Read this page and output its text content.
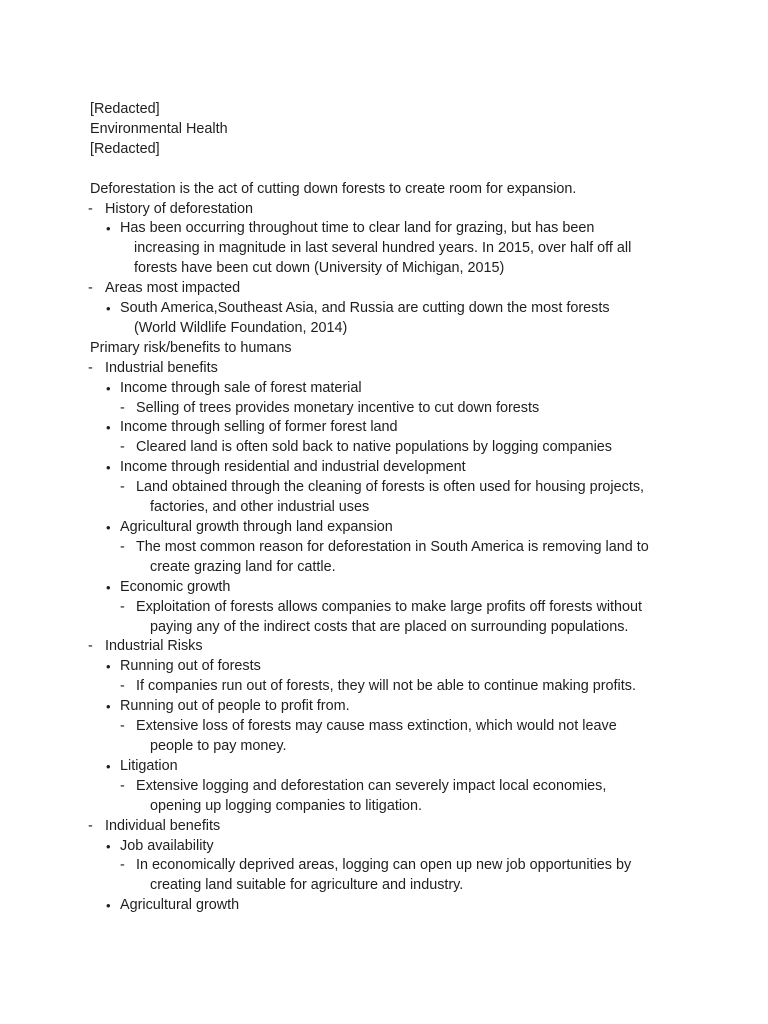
[Redacted]
Environmental Health
[Redacted]
Deforestation is the act of cutting down forests to create room for expansion.
- History of deforestation
• Has been occurring throughout time to clear land for grazing, but has been
increasing in magnitude in last several hundred years. In 2015, over half off all
forests have been cut down (University of Michigan, 2015)
- Areas most impacted
• South America,Southeast Asia, and Russia are cutting down the most forests
(World Wildlife Foundation, 2014)
Primary risk/benefits to humans
- Industrial benefits
• Income through sale of forest material
- Selling of trees provides monetary incentive to cut down forests
• Income through selling of former forest land
- Cleared land is often sold back to native populations by logging companies
• Income through residential and industrial development
- Land obtained through the cleaning of forests is often used for housing projects,
factories, and other industrial uses
• Agricultural growth through land expansion
- The most common reason for deforestation in South America is removing land to
create grazing land for cattle.
• Economic growth
- Exploitation of forests allows companies to make large profits off forests without
paying any of the indirect costs that are placed on surrounding populations.
- Industrial Risks
• Running out of forests
- If companies run out of forests, they will not be able to continue making profits.
• Running out of people to profit from.
- Extensive loss of forests may cause mass extinction, which would not leave
people to pay money.
• Litigation
- Extensive logging and deforestation can severely impact local economies,
opening up logging companies to litigation.
- Individual benefits
• Job availability
- In economically deprived areas, logging can open up new job opportunities by
creating land suitable for agriculture and industry.
• Agricultural growth
